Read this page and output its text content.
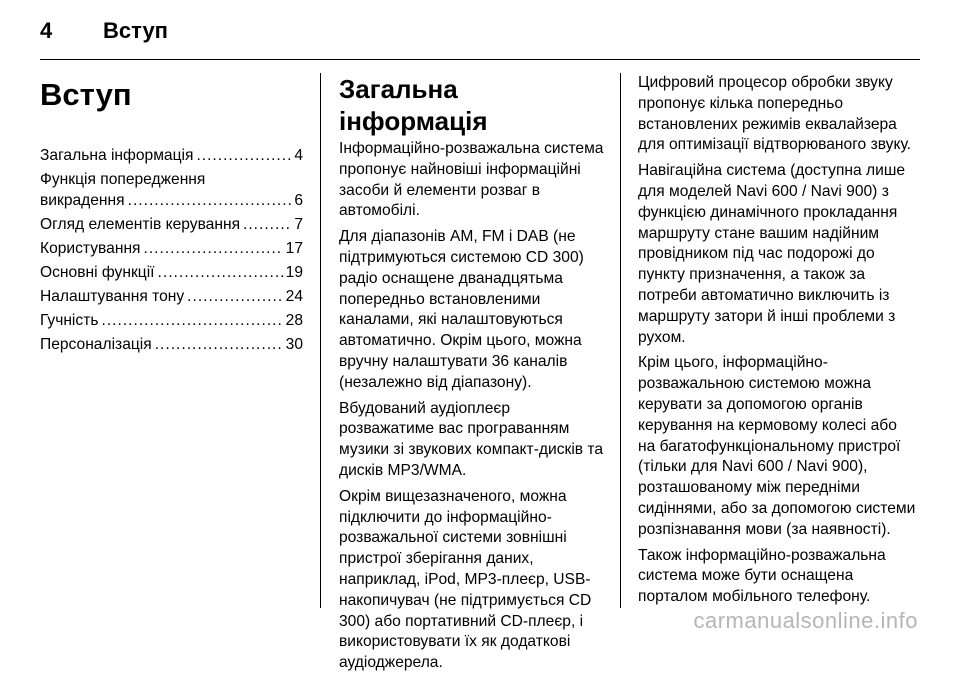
4	Вступ
Вступ
Загальна інформація .....	4
Функція попередження
викрадення .....	6
Огляд елементів керування .....	7
Користування .....	17
Основні функції .....	19
Налаштування тону .....	24
Гучність .....	28
Персоналізація .....	30
Загальна інформація

Інформаційно-розважальна система пропонує найновіші інформаційні засоби й елементи розваг в автомобілі.

Для діапазонів AM, FM і DAB (не підтримуються системою CD 300) радіо оснащене дванадцятьма попередньо встановленими каналами, які налаштовуються автоматично. Окрім цього, можна вручну налаштувати 36 каналів (незалежно від діапазону).

Вбудований аудіоплеєр розважатиме вас програванням музики зі звукових компакт-дисків та дисків MP3/WMA.

Окрім вищезазначеного, можна підключити до інформаційно-розважальної системи зовнішні пристрої зберігання даних, наприклад, iPod, MP3-плеєр, USB-накопичувач (не підтримується CD 300) або портативний CD-плеєр, і використовувати їх як додаткові аудіоджерела.

Цифровий процесор обробки звуку пропонує кілька попередньо встановлених режимів еквалайзера для оптимізації відтворюваного звуку.

Навігаційна система (доступна лише для моделей Navi 600 / Navi 900) з функцією динамічного прокладання маршруту стане вашим надійним провідником під час подорожі до пункту призначення, а також за потреби автоматично виключить із маршруту затори й інші проблеми з рухом.

Крім цього, інформаційно-розважальною системою можна керувати за допомогою органів керування на кермовому колесі або на багатофункціональному пристрої (тільки для Navi 600 / Navi 900), розташованому між передніми сидіннями, або за допомогою системи розпізнавання мови (за наявності).

Також інформаційно-розважальна система може бути оснащена порталом мобільного телефону.

carmanualsonline.info
